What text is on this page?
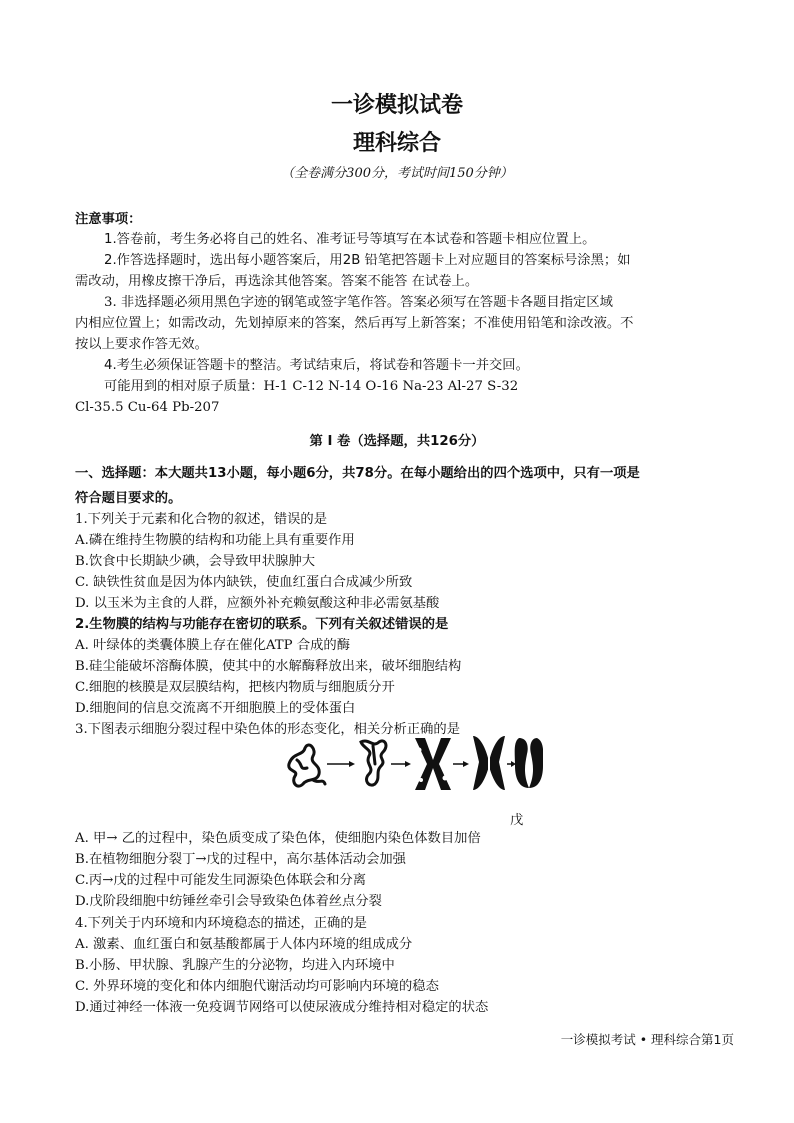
一诊模拟试卷
理科综合
（全卷满分300分，考试时间150分钟）
注意事项：
1.答卷前，考生务必将自己的姓名、准考证号等填写在本试卷和答题卡相应位置上。
2.作答选择题时，选出每小题答案后，用2B 铅笔把答题卡上对应题目的答案标号涂黑；如
需改动，用橡皮擦干净后，再选涂其他答案。答案不能答 在试卷上。
3. 非选择题必须用黑色字迹的钢笔或签字笔作答。答案必须写在答题卡各题目指定区域
内相应位置上；如需改动，先划掉原来的答案，然后再写上新答案；不准使用铅笔和涂改液。不
按以上要求作答无效。
4.考生必须保证答题卡的整洁。考试结束后，将试卷和答题卡一并交回。
可能用到的相对原子质量：H-1 C-12 N-14 O-16 Na-23 Al-27 S-32
Cl-35.5 Cu-64 Pb-207
第 Ⅰ 卷（选择题，共126分）
一、选择题：本大题共13小题，每小题6分，共78分。在每小题给出的四个选项中，只有一项是
符合题目要求的。
1.下列关于元素和化合物的叙述，错误的是
A.磷在维持生物膜的结构和功能上具有重要作用
B.饮食中长期缺少碘，会导致甲状腺肿大
C. 缺铁性贫血是因为体内缺铁，使血红蛋白合成减少所致
D. 以玉米为主食的人群，应额外补充赖氨酸这种非必需氨基酸
2.生物膜的结构与功能存在密切的联系。下列有关叙述错误的是
A. 叶绿体的类囊体膜上存在催化ATP 合成的酶
B.硅尘能破坏溶酶体膜，使其中的水解酶释放出来，破坏细胞结构
C.细胞的核膜是双层膜结构，把核内物质与细胞质分开
D.细胞间的信息交流离不开细胞膜上的受体蛋白
3.下图表示细胞分裂过程中染色体的形态变化，相关分析正确的是
戊
A. 甲→ 乙的过程中，染色质变成了染色体，使细胞内染色体数目加倍
B.在植物细胞分裂丁→戊的过程中，高尔基体活动会加强
C.丙→戊的过程中可能发生同源染色体联会和分离
D.戊阶段细胞中纺锤丝牵引会导致染色体着丝点分裂
4.下列关于内环境和内环境稳态的描述，正确的是
A. 激素、血红蛋白和氨基酸都属于人体内环境的组成成分
B.小肠、甲状腺、乳腺产生的分泌物，均进入内环境中
C. 外界环境的变化和体内细胞代谢活动均可影响内环境的稳态
D.通过神经一体液一免疫调节网络可以使尿液成分维持相对稳定的状态
一诊模拟考试 • 理科综合第1页
